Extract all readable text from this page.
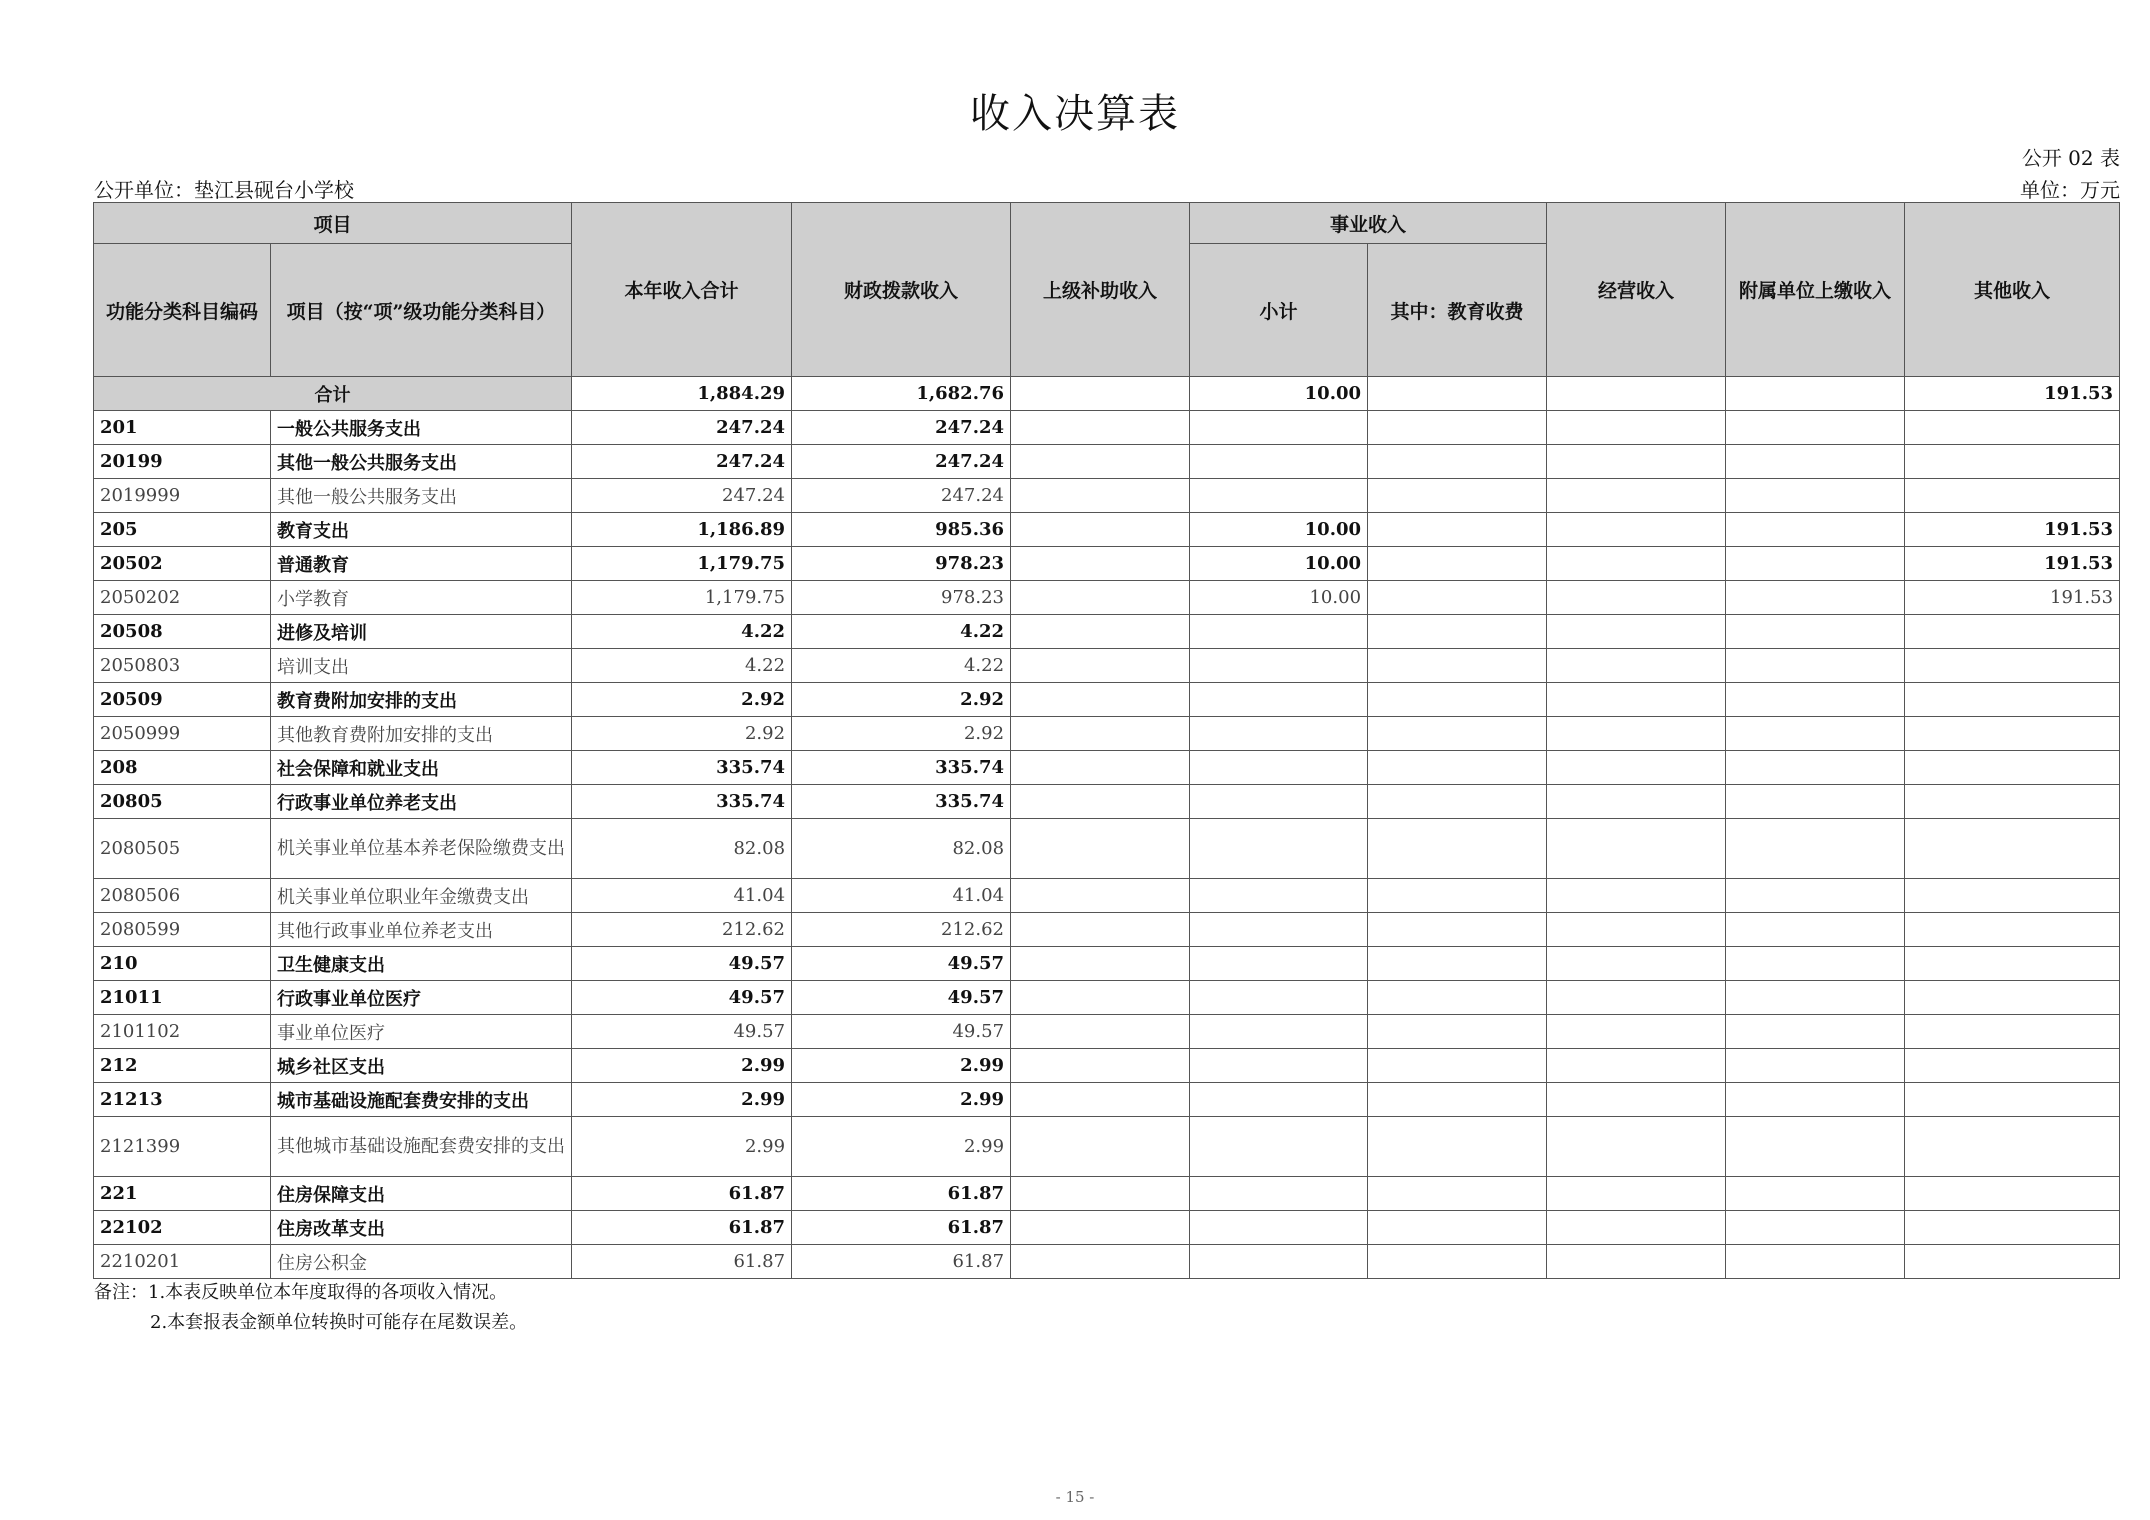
收入决算表
公开 02 表
公开单位：垫江县砚台小学校	单位：万元
项目		本年收入合计	财政拨款收入	上级补助收入	事业收入		经营收入	附属单位上缴收入	其他收入
功能分类科目编码	项目（按“项”级功能分类科目）				小计	其中：教育收费			
合计		1,884.29	1,682.76		10.00				191.53
201	一般公共服务支出	247.24	247.24						
20199	其他一般公共服务支出	247.24	247.24						
2019999	其他一般公共服务支出	247.24	247.24						
205	教育支出	1,186.89	985.36		10.00				191.53
20502	普通教育	1,179.75	978.23		10.00				191.53
2050202	小学教育	1,179.75	978.23		10.00				191.53
20508	进修及培训	4.22	4.22						
2050803	培训支出	4.22	4.22						
20509	教育费附加安排的支出	2.92	2.92						
2050999	其他教育费附加安排的支出	2.92	2.92						
208	社会保障和就业支出	335.74	335.74						
20805	行政事业单位养老支出	335.74	335.74						
2080505	机关事业单位基本养老保险缴费支出	82.08	82.08						
2080506	机关事业单位职业年金缴费支出	41.04	41.04						
2080599	其他行政事业单位养老支出	212.62	212.62						
210	卫生健康支出	49.57	49.57						
21011	行政事业单位医疗	49.57	49.57						
2101102	事业单位医疗	49.57	49.57						
212	城乡社区支出	2.99	2.99						
21213	城市基础设施配套费安排的支出	2.99	2.99						
2121399	其他城市基础设施配套费安排的支出	2.99	2.99						
221	住房保障支出	61.87	61.87						
22102	住房改革支出	61.87	61.87						
2210201	住房公积金	61.87	61.87						
备注：1.本表反映单位本年度取得的各项收入情况。
2.本套报表金额单位转换时可能存在尾数误差。
- 15 -
